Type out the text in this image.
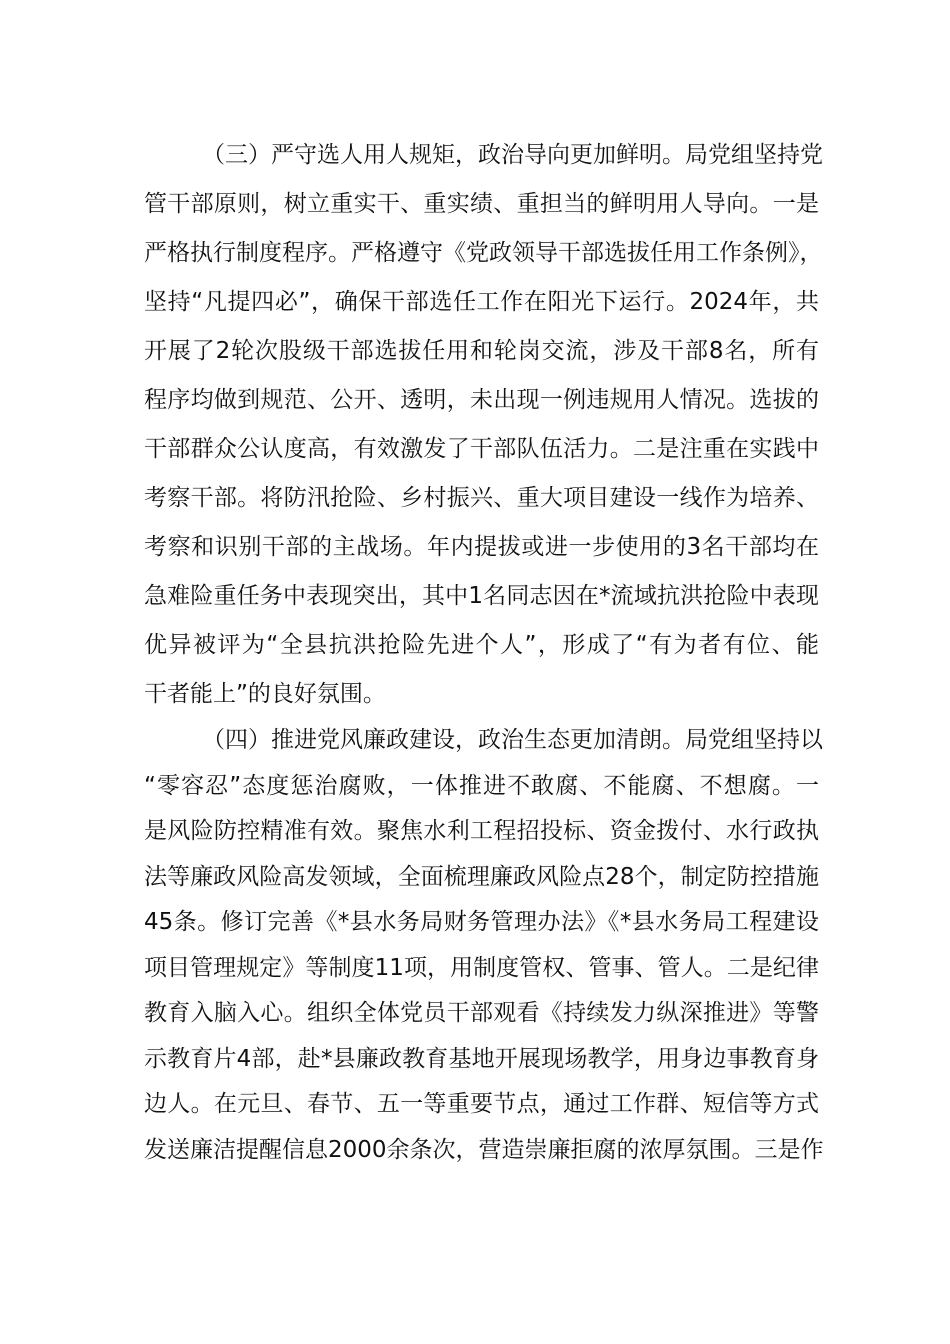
（三）严守选人用人规矩，政治导向更加鲜明。局党组坚持党
管干部原则，树立重实干、重实绩、重担当的鲜明用人导向。一是
严格执行制度程序。严格遵守《党政领导干部选拔任用工作条例》，
坚持“凡提四必”，确保干部选任工作在阳光下运行。2024年，共
开展了2轮次股级干部选拔任用和轮岗交流，涉及干部8名，所有
程序均做到规范、公开、透明，未出现一例违规用人情况。选拔的
干部群众公认度高，有效激发了干部队伍活力。二是注重在实践中
考察干部。将防汛抢险、乡村振兴、重大项目建设一线作为培养、
考察和识别干部的主战场。年内提拔或进一步使用的3名干部均在
急难险重任务中表现突出，其中1名同志因在*流域抗洪抢险中表现
优异被评为“全县抗洪抢险先进个人”，形成了“有为者有位、能
干者能上”的良好氛围。
（四）推进党风廉政建设，政治生态更加清朗。局党组坚持以
“零容忍”态度惩治腐败，一体推进不敢腐、不能腐、不想腐。一
是风险防控精准有效。聚焦水利工程招投标、资金拨付、水行政执
法等廉政风险高发领域，全面梳理廉政风险点28个，制定防控措施
45条。修订完善《*县水务局财务管理办法》《*县水务局工程建设
项目管理规定》等制度11项，用制度管权、管事、管人。二是纪律
教育入脑入心。组织全体党员干部观看《持续发力纵深推进》等警
示教育片4部，赴*县廉政教育基地开展现场教学，用身边事教育身
边人。在元旦、春节、五一等重要节点，通过工作群、短信等方式
发送廉洁提醒信息2000余条次，营造崇廉拒腐的浓厚氛围。三是作
